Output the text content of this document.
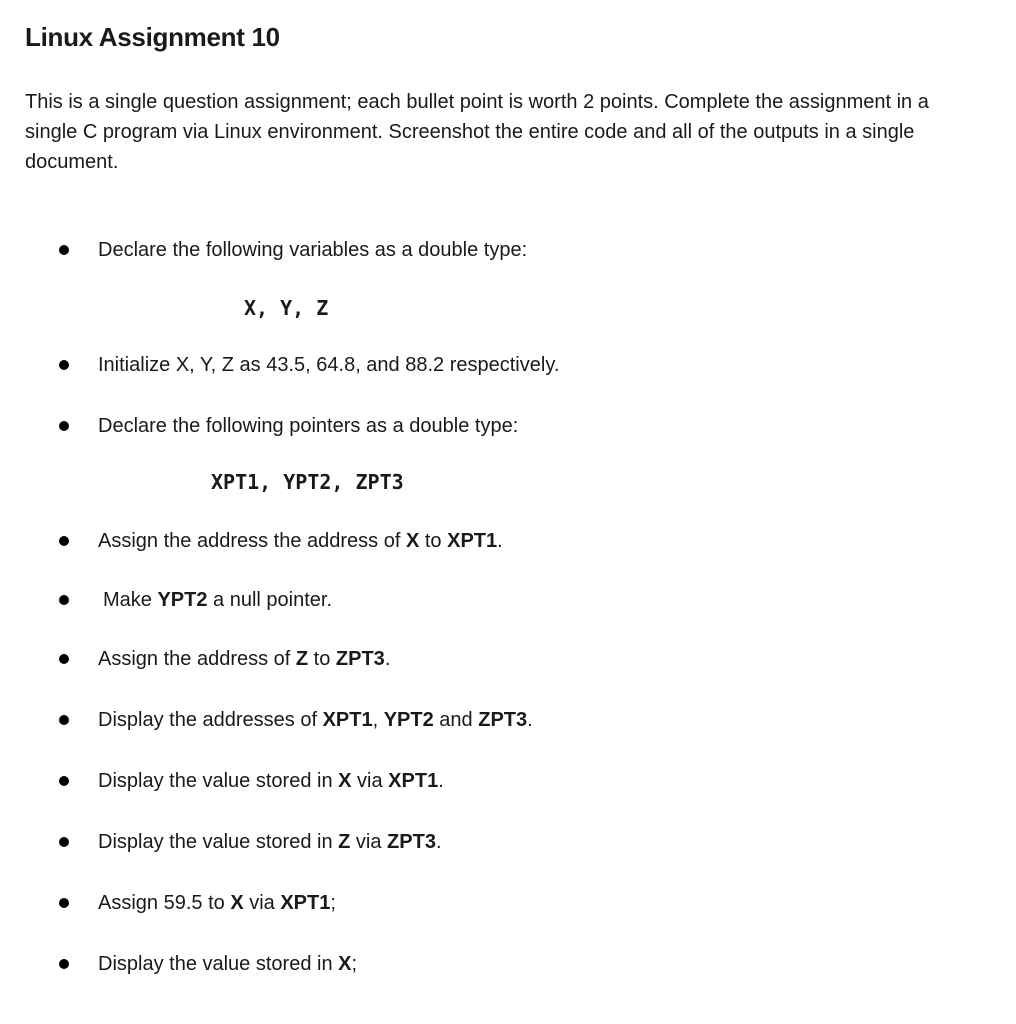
Linux Assignment 10

This is a single question assignment; each bullet point is worth 2 points. Complete the assignment in a single C program via Linux environment. Screenshot the entire code and all of the outputs in a single document.

X, Y, Z
XPT1, YPT2, ZPT3
Declare the following variables as a double type:
Initialize X, Y, Z as 43.5, 64.8, and 88.2 respectively.
Declare the following pointers as a double type:
Assign the address the address of X to XPT1.
Make YPT2 a null pointer.
Assign the address of Z to ZPT3.
Display the addresses of XPT1, YPT2 and ZPT3.
Display the value stored in X via XPT1.
Display the value stored in Z via ZPT3.
Assign 59.5 to X via XPT1;
Display the value stored in X;
